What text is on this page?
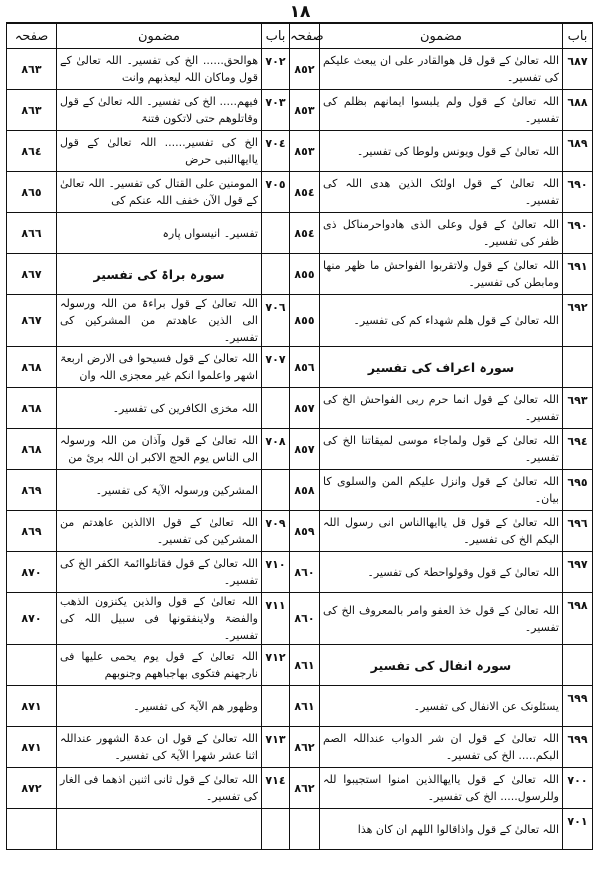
١٨
صفحہ	مضمون	باب	صفحہ	مضمون	باب
٨٦٣	ھوالحق...... الخ کی تفسیر۔ اللہ تعالیٰ کے قول وماکان اللہ لیعذبھم وانت	٧٠٢	٨٥٢	اللہ تعالیٰ کے قول قل ھوالقادر علی ان یبعث علیکم کی تفسیر۔	٦٨٧
٨٦٣	فیھم..... الخ کی تفسیر۔ اللہ تعالیٰ کے قول وقاتلوھم حتی لاتکون فتنۃ	٧٠٣	٨٥٣	اللہ تعالیٰ کے قول ولم یلبسوا ایمانھم بظلم کی تفسیر۔	٦٨٨
٨٦٤	الخ کی تفسیر...... اللہ تعالیٰ کے قول یاایھاالنبی حرض	٧٠٤	٨٥٣	اللہ تعالیٰ کے قول ویونس ولوطا کی تفسیر۔	٦٨٩
٨٦٥	المومنین علی القتال کی تفسیر۔ اللہ تعالیٰ کے قول الآن خفف اللہ عنکم کی	٧٠٥	٨٥٤	اللہ تعالیٰ کے قول اولئک الذین ھدی اللہ کی تفسیر۔	٦٩٠
٨٦٦	تفسیر۔ انیسواں پارہ		٨٥٤	اللہ تعالیٰ کے قول وعلی الذی ھادواحرمناکل ذی ظفر کی تفسیر۔	٦٩٠
٨٦٧	سورہ براۃ کی تفسیر		٨٥٥	اللہ تعالیٰ کے قول ولاتقربوا الفواحش ما ظھر منھا ومابطن کی تفسیر۔	٦٩١
٨٦٧	اللہ تعالیٰ کے قول براءۃ من اللہ ورسولہ الی الذین عاھدتم من المشرکین کی تفسیر۔	٧٠٦	٨٥٥	اللہ تعالیٰ کے قول ھلم شھداء کم کی تفسیر۔	٦٩٢
٨٦٨	اللہ تعالیٰ کے قول فسیحوا فی الارض اربعۃ اشھر واعلموا انکم غیر معجزی اللہ وان	٧٠٧	٨٥٦	سورہ اعراف کی تفسیر	
٨٦٨	اللہ مخزی الکافرین کی تفسیر۔		٨٥٧	اللہ تعالیٰ کے قول انما حرم ربی الفواحش الخ کی تفسیر۔	٦٩٣
٨٦٨	اللہ تعالیٰ کے قول وآذان من اللہ ورسولہ الی الناس یوم الحج الاکبر ان اللہ بریٔ من	٧٠٨	٨٥٧	اللہ تعالیٰ کے قول ولماجاء موسی لمیقاتنا الخ کی تفسیر۔	٦٩٤
٨٦٩	المشرکین ورسولہ الآیۃ کی تفسیر۔		٨٥٨	اللہ تعالیٰ کے قول وانزل علیکم المن والسلوی کا بیان۔	٦٩٥
٨٦٩	اللہ تعالیٰ کے قول الاالذین عاھدتم من المشرکین کی تفسیر۔	٧٠٩	٨٥٩	اللہ تعالیٰ کے قول قل یاایھاالناس انی رسول اللہ الیکم الخ کی تفسیر۔	٦٩٦
٨٧٠	اللہ تعالیٰ کے قول فقاتلواائمۃ الکفر الخ کی تفسیر۔	٧١٠	٨٦٠	اللہ تعالیٰ کے قول وقولواحطۃ کی تفسیر۔	٦٩٧
٨٧٠	اللہ تعالیٰ کے قول والذین یکنزون الذھب والفضۃ ولاینفقونھا فی سبیل اللہ کی تفسیر۔	٧١١	٨٦٠	اللہ تعالیٰ کے قول خذ العفو وامر بالمعروف الخ کی تفسیر۔	٦٩٨
	اللہ تعالیٰ کے قول یوم یحمی علیھا فی نارجھنم فتکوی بھاجباھھم وجنوبھم	٧١٢	٨٦١	سورہ انفال کی تفسیر	
٨٧١	وظھور ھم الآیۃ کی تفسیر۔		٨٦١	یسئلونک عن الانفال کی تفسیر۔	٦٩٩
٨٧١	اللہ تعالیٰ کے قول ان عدۃ الشھور عنداللہ اثنا عشر شھرا الآیۃ کی تفسیر۔	٧١٣	٨٦٢	اللہ تعالیٰ کے قول ان شر الدواب عنداللہ الصم البکم..... الخ کی تفسیر۔	٦٩٩
٨٧٢	اللہ تعالیٰ کے قول ثانی اثنین اذھما فی الغار کی تفسیر۔	٧١٤	٨٦٢	اللہ تعالیٰ کے قول یاایھاالذین امنوا استجیبوا للہ وللرسول..... الخ کی تفسیر۔	٧٠٠
				اللہ تعالیٰ کے قول واذاقالوا اللھم ان کان ھذا	٧٠١
